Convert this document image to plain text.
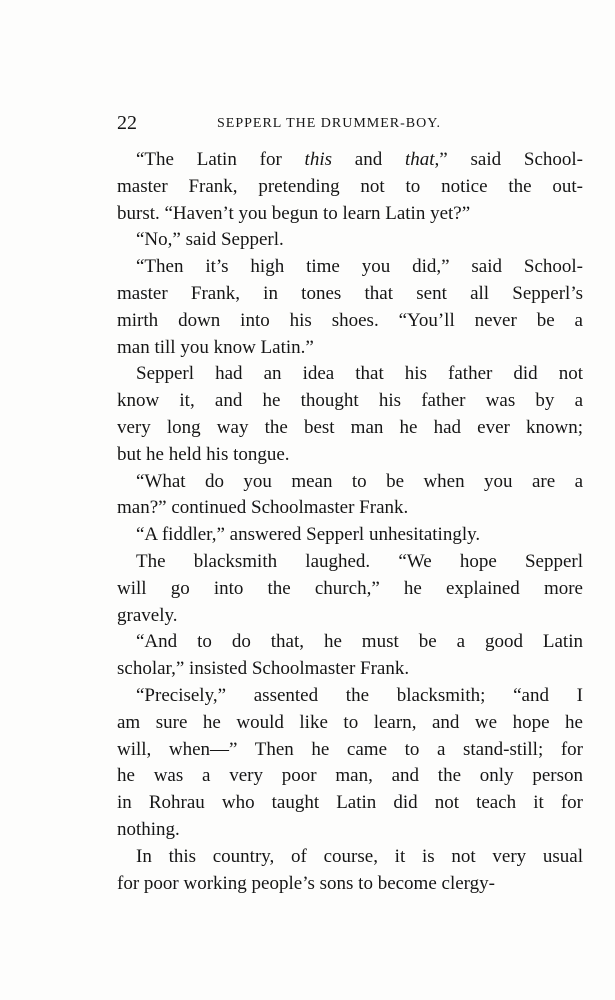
22	SEPPERL THE DRUMMER-BOY.
“The Latin for this and that,” said School-
master Frank, pretending not to notice the out-
burst. “Haven’t you begun to learn Latin yet?”
“No,” said Sepperl.
“Then it’s high time you did,” said School-
master Frank, in tones that sent all Sepperl’s
mirth down into his shoes. “You’ll never be a
man till you know Latin.”
Sepperl had an idea that his father did not
know it, and he thought his father was by a
very long way the best man he had ever known;
but he held his tongue.
“What do you mean to be when you are a
man?” continued Schoolmaster Frank.
“A fiddler,” answered Sepperl unhesitatingly.
The blacksmith laughed. “We hope Sepperl
will go into the church,” he explained more
gravely.
“And to do that, he must be a good Latin
scholar,” insisted Schoolmaster Frank.
“Precisely,” assented the blacksmith; “and I
am sure he would like to learn, and we hope he
will, when—” Then he came to a stand-still; for
he was a very poor man, and the only person
in Rohrau who taught Latin did not teach it for
nothing.
In this country, of course, it is not very usual
for poor working people’s sons to become clergy-
